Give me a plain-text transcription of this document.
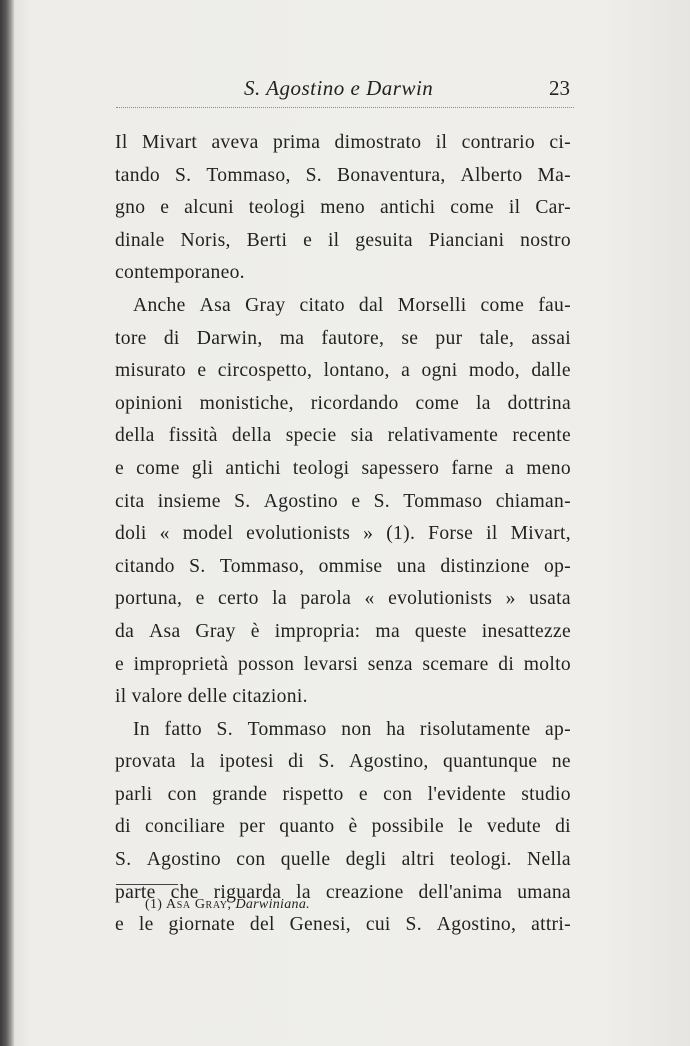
S. Agostino e Darwin	23
Il Mivart aveva prima dimostrato il contrario ci-
tando S. Tommaso, S. Bonaventura, Alberto Ma-
gno e alcuni teologi meno antichi come il Car-
dinale Noris, Berti e il gesuita Pianciani nostro
contemporaneo.
Anche Asa Gray citato dal Morselli come fau-
tore di Darwin, ma fautore, se pur tale, assai
misurato e circospetto, lontano, a ogni modo, dalle
opinioni monistiche, ricordando come la dottrina
della fissità della specie sia relativamente recente
e come gli antichi teologi sapessero farne a meno
cita insieme S. Agostino e S. Tommaso chiaman-
doli « model evolutionists » (1). Forse il Mivart,
citando S. Tommaso, ommise una distinzione op-
portuna, e certo la parola « evolutionists » usata
da Asa Gray è impropria: ma queste inesattezze
e improprietà posson levarsi senza scemare di molto
il valore delle citazioni.
In fatto S. Tommaso non ha risolutamente ap-
provata la ipotesi di S. Agostino, quantunque ne
parli con grande rispetto e con l'evidente studio
di conciliare per quanto è possibile le vedute di
S. Agostino con quelle degli altri teologi. Nella
parte che riguarda la creazione dell'anima umana
e le giornate del Genesi, cui S. Agostino, attri-
(1) Asa Gray, Darwiniana.
